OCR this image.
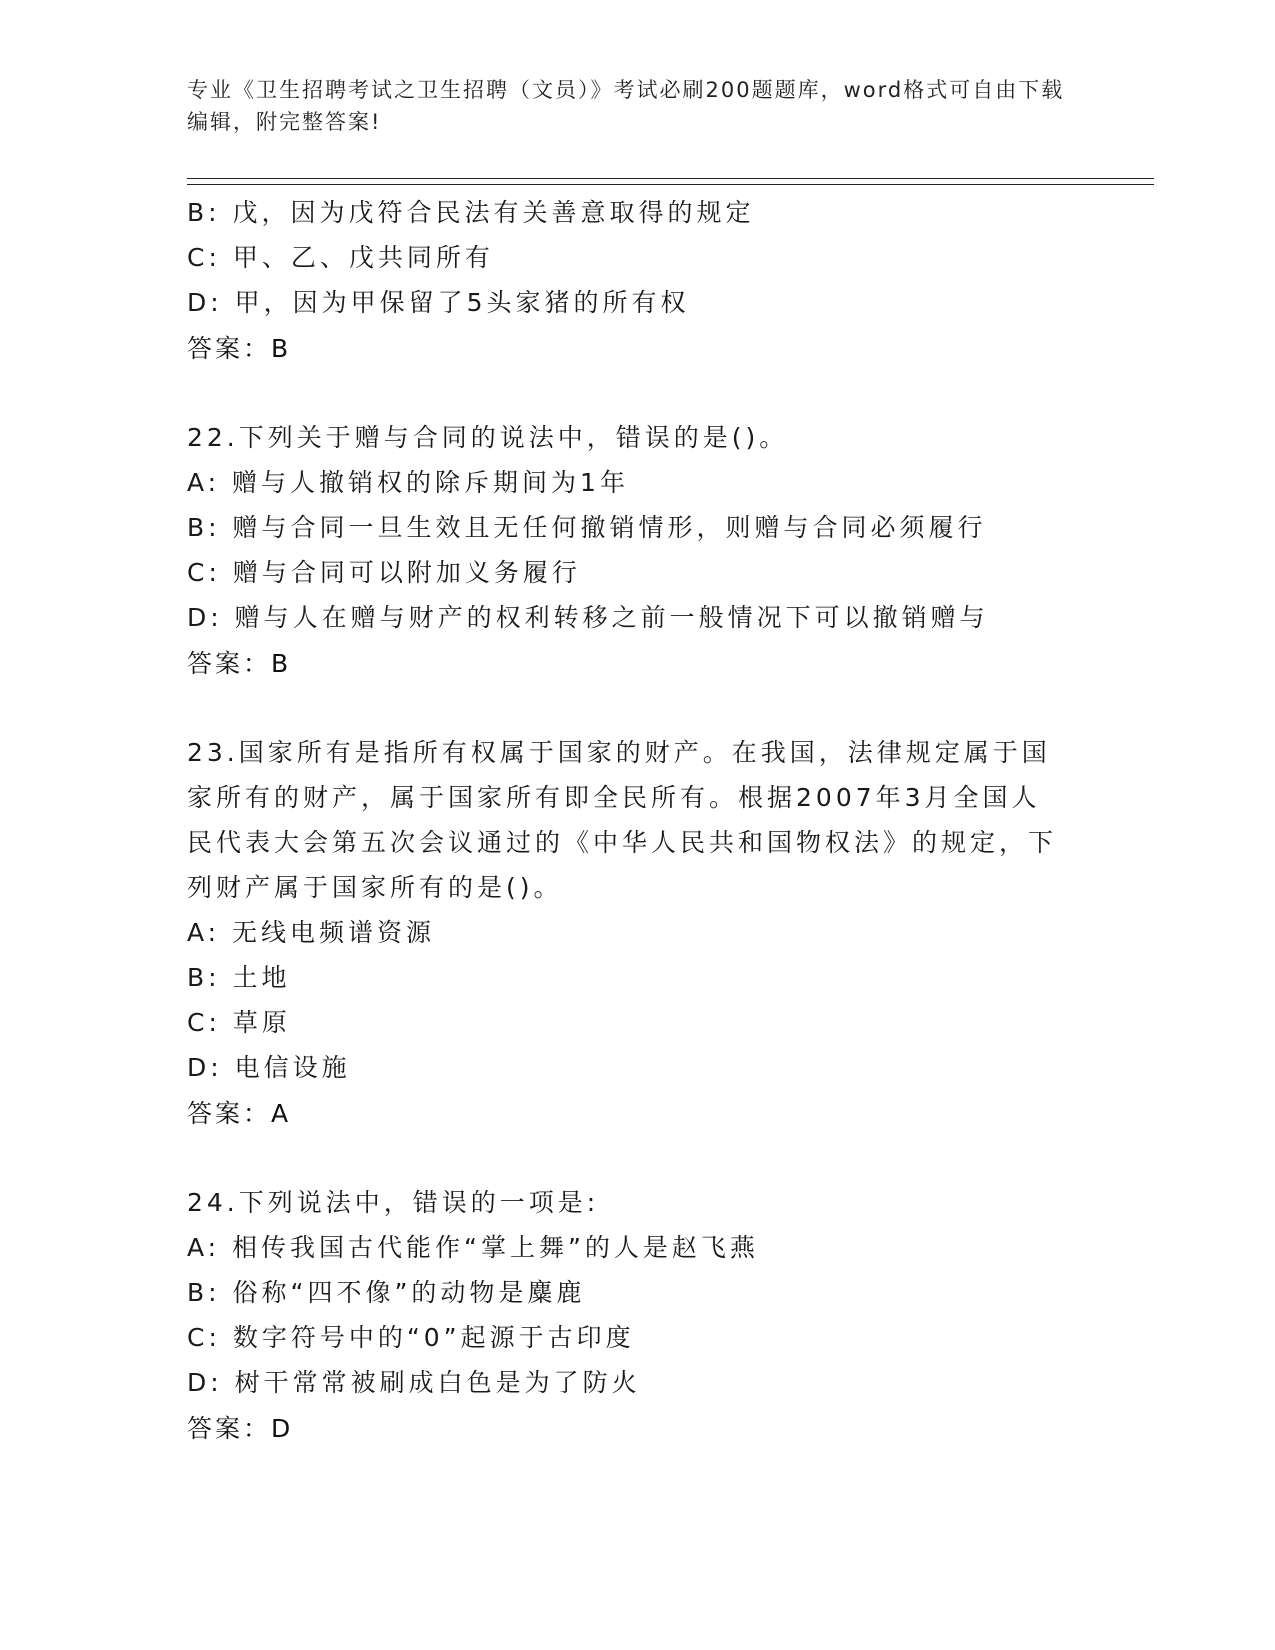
专业《卫生招聘考试之卫生招聘（文员）》考试必刷200题题库，word格式可自由下载编辑，附完整答案!
B: 戊，因为戊符合民法有关善意取得的规定
C: 甲、乙、戊共同所有
D: 甲，因为甲保留了5头家猪的所有权
答案：B
22.下列关于赠与合同的说法中，错误的是()。
A: 赠与人撤销权的除斥期间为1年
B: 赠与合同一旦生效且无任何撤销情形，则赠与合同必须履行
C: 赠与合同可以附加义务履行
D: 赠与人在赠与财产的权利转移之前一般情况下可以撤销赠与
答案：B
23.国家所有是指所有权属于国家的财产。在我国，法律规定属于国家所有的财产，属于国家所有即全民所有。根据2007年3月全国人民代表大会第五次会议通过的《中华人民共和国物权法》的规定，下列财产属于国家所有的是()。
A: 无线电频谱资源
B: 土地
C: 草原
D: 电信设施
答案：A
24.下列说法中，错误的一项是:
A: 相传我国古代能作“掌上舞”的人是赵飞燕
B: 俗称“四不像”的动物是麋鹿
C: 数字符号中的“0”起源于古印度
D: 树干常常被刷成白色是为了防火
答案：D
